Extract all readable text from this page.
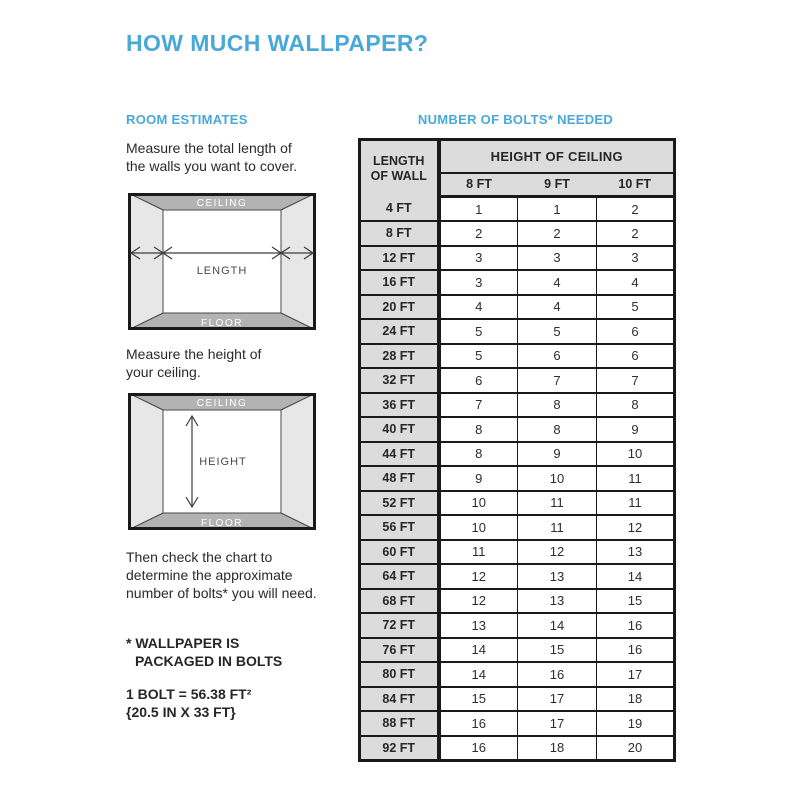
HOW MUCH WALLPAPER?
ROOM ESTIMATES

Measure the total length of
the walls you want to cover.

CEILING
FLOOR
LENGTH

Measure the height of
your ceiling.

CEILING
FLOOR
HEIGHT

Then check the chart to
determine the approximate
number of bolts* you will need.

* WALLPAPER IS
PACKAGED IN BOLTS

1 BOLT = 56.38 FT²
{20.5 IN X 33 FT}

NUMBER OF BOLTS* NEEDED
LENGTH
OF WALL	HEIGHT OF CEILING		
	8 FT	9 FT	10 FT
4 FT	1	1	2
8 FT	2	2	2
12 FT	3	3	3
16 FT	3	4	4
20 FT	4	4	5
24 FT	5	5	6
28 FT	5	6	6
32 FT	6	7	7
36 FT	7	8	8
40 FT	8	8	9
44 FT	8	9	10
48 FT	9	10	11
52 FT	10	11	11
56 FT	10	11	12
60 FT	11	12	13
64 FT	12	13	14
68 FT	12	13	15
72 FT	13	14	16
76 FT	14	15	16
80 FT	14	16	17
84 FT	15	17	18
88 FT	16	17	19
92 FT	16	18	20
